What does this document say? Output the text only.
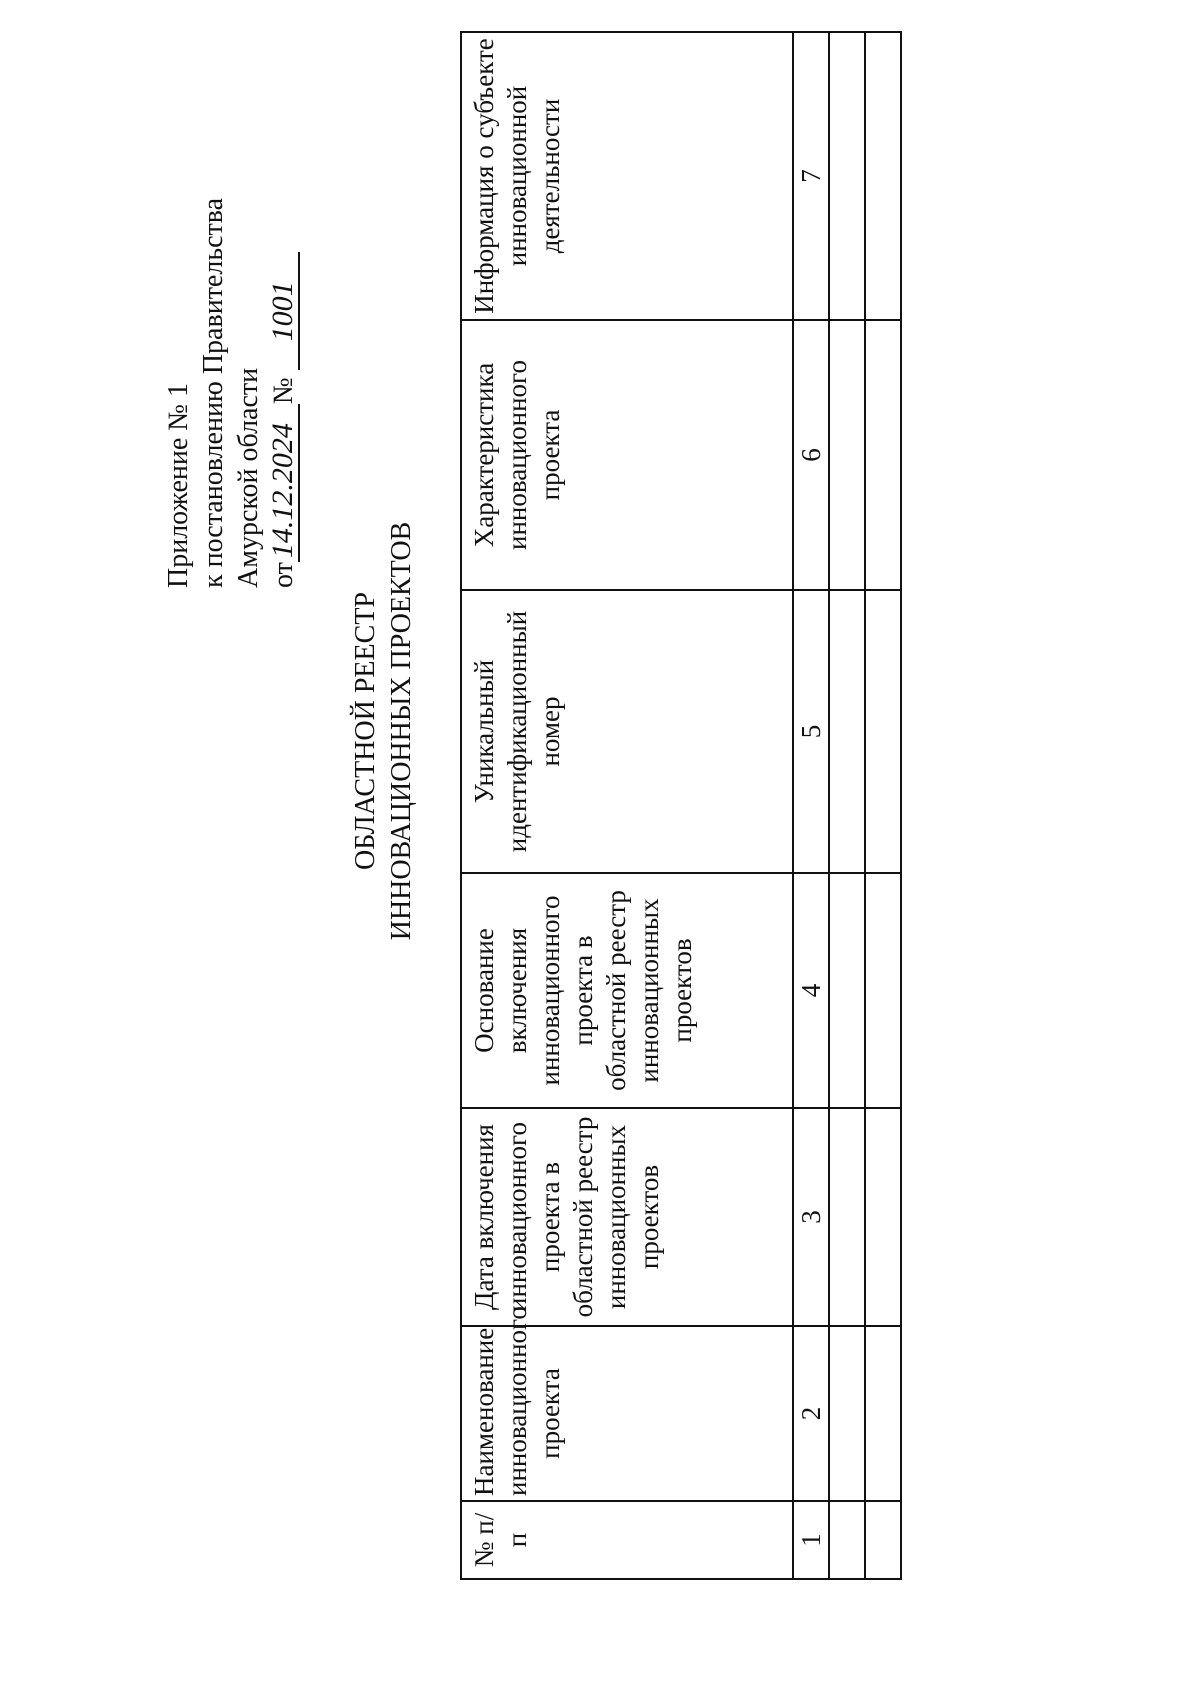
Приложение № 1 к постановлению Правительства Амурской области от14.12.2024№ 1001
ОБЛАСТНОЙ РЕЕСТР ИННОВАЦИОННЫХ ПРОЕКТОВ
№ п/п	Наименование инновационного проекта	Дата включения инновационного проекта в областной реестр инновационных проектов	Основание включения инновационного проекта в областной реестр инновационных проектов	Уникальный идентификационный номер	Характеристика инновационного проекта	Информация о субъекте инновационной деятельности

1	2	3	4	5	6	7
